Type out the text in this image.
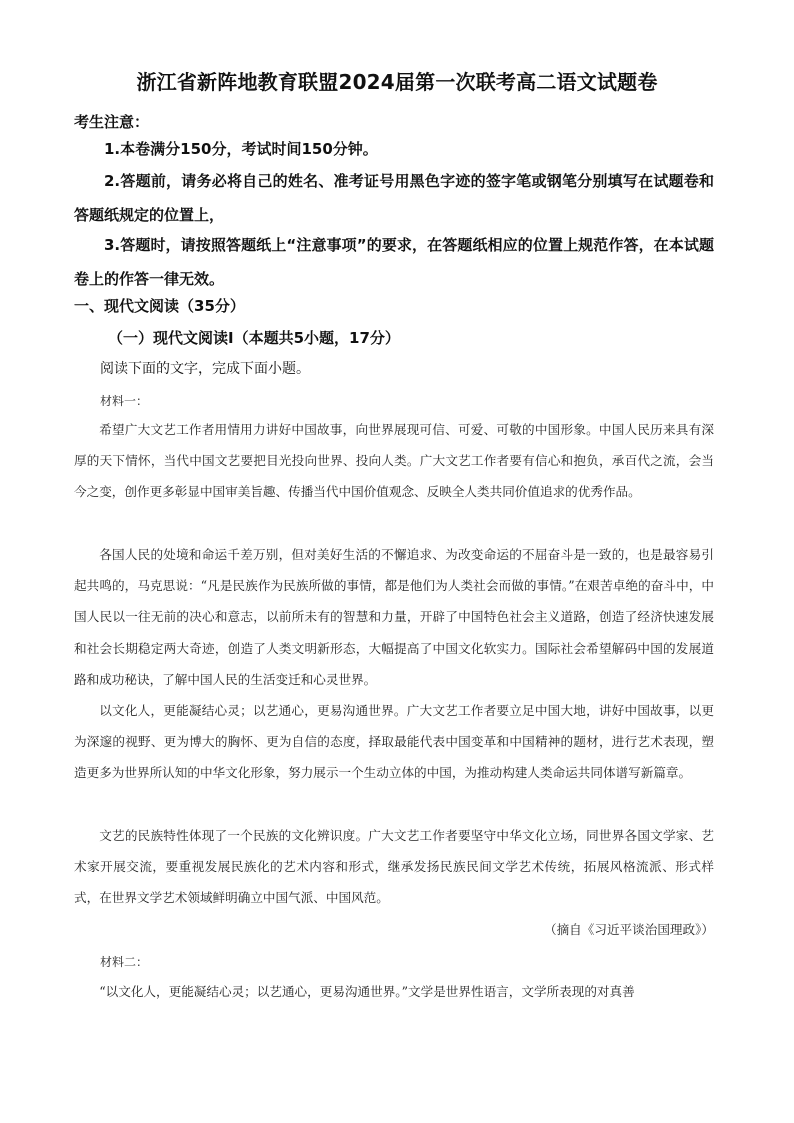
浙江省新阵地教育联盟2024届第一次联考高二语文试题卷
考生注意：
1.本卷满分150分，考试时间150分钟。
2.答题前，请务必将自己的姓名、准考证号用黑色字迹的签字笔或钢笔分别填写在试题卷和答题纸规定的位置上，
3.答题时，请按照答题纸上“注意事项”的要求，在答题纸相应的位置上规范作答，在本试题卷上的作答一律无效。
一、现代文阅读（35分）
（一）现代文阅读Ⅰ（本题共5小题，17分）
阅读下面的文字，完成下面小题。
材料一：
希望广大文艺工作者用情用力讲好中国故事，向世界展现可信、可爱、可敬的中国形象。中国人民历来具有深厚的天下情怀，当代中国文艺要把目光投向世界、投向人类。广大文艺工作者要有信心和抱负，承百代之流，会当今之变，创作更多彰显中国审美旨趣、传播当代中国价值观念、反映全人类共同价值追求的优秀作品。
各国人民的处境和命运千差万别，但对美好生活的不懈追求、为改变命运的不屈奋斗是一致的，也是最容易引起共鸣的，马克思说：“凡是民族作为民族所做的事情，都是他们为人类社会而做的事情。”在艰苦卓绝的奋斗中，中国人民以一往无前的决心和意志，以前所未有的智慧和力量，开辟了中国特色社会主义道路，创造了经济快速发展和社会长期稳定两大奇迹，创造了人类文明新形态，大幅提高了中国文化软实力。国际社会希望解码中国的发展道路和成功秘诀，了解中国人民的生活变迁和心灵世界。
以文化人，更能凝结心灵；以艺通心，更易沟通世界。广大文艺工作者要立足中国大地，讲好中国故事，以更为深邃的视野、更为博大的胸怀、更为自信的态度，择取最能代表中国变革和中国精神的题材，进行艺术表现，塑造更多为世界所认知的中华文化形象，努力展示一个生动立体的中国，为推动构建人类命运共同体谱写新篇章。
文艺的民族特性体现了一个民族的文化辨识度。广大文艺工作者要坚守中华文化立场，同世界各国文学家、艺术家开展交流，要重视发展民族化的艺术内容和形式，继承发扬民族民间文学艺术传统，拓展风格流派、形式样式，在世界文学艺术领域鲜明确立中国气派、中国风范。
（摘自《习近平谈治国理政》）
材料二：
“以文化人，更能凝结心灵；以艺通心，更易沟通世界。”文学是世界性语言，文学所表现的对真善
